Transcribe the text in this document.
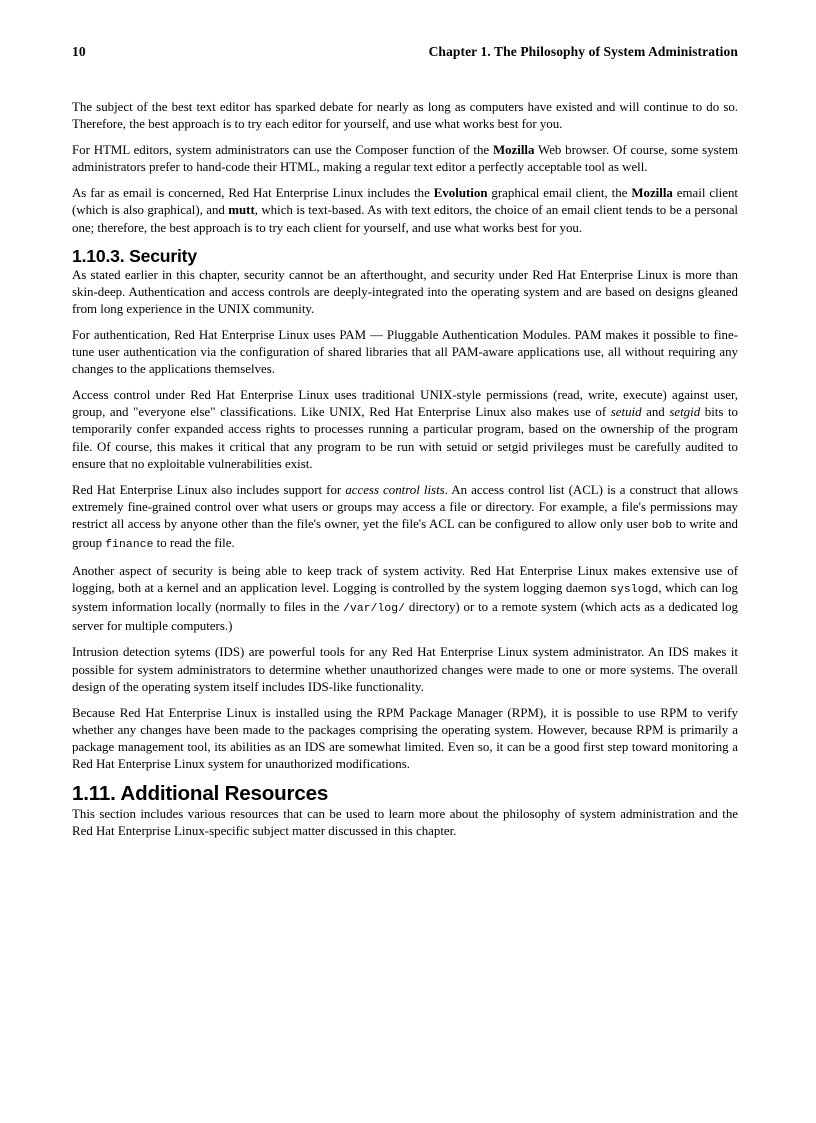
10	Chapter 1. The Philosophy of System Administration

The subject of the best text editor has sparked debate for nearly as long as computers have existed and will continue to do so. Therefore, the best approach is to try each editor for yourself, and use what works best for you.

For HTML editors, system administrators can use the Composer function of the Mozilla Web browser. Of course, some system administrators prefer to hand-code their HTML, making a regular text editor a perfectly acceptable tool as well.

As far as email is concerned, Red Hat Enterprise Linux includes the Evolution graphical email client, the Mozilla email client (which is also graphical), and mutt, which is text-based. As with text editors, the choice of an email client tends to be a personal one; therefore, the best approach is to try each client for yourself, and use what works best for you.

1.10.3. Security

As stated earlier in this chapter, security cannot be an afterthought, and security under Red Hat Enterprise Linux is more than skin-deep. Authentication and access controls are deeply-integrated into the operating system and are based on designs gleaned from long experience in the UNIX community.

For authentication, Red Hat Enterprise Linux uses PAM — Pluggable Authentication Modules. PAM makes it possible to fine-tune user authentication via the configuration of shared libraries that all PAM-aware applications use, all without requiring any changes to the applications themselves.

Access control under Red Hat Enterprise Linux uses traditional UNIX-style permissions (read, write, execute) against user, group, and "everyone else" classifications. Like UNIX, Red Hat Enterprise Linux also makes use of setuid and setgid bits to temporarily confer expanded access rights to processes running a particular program, based on the ownership of the program file. Of course, this makes it critical that any program to be run with setuid or setgid privileges must be carefully audited to ensure that no exploitable vulnerabilities exist.

Red Hat Enterprise Linux also includes support for access control lists. An access control list (ACL) is a construct that allows extremely fine-grained control over what users or groups may access a file or directory. For example, a file's permissions may restrict all access by anyone other than the file's owner, yet the file's ACL can be configured to allow only user bob to write and group finance to read the file.

Another aspect of security is being able to keep track of system activity. Red Hat Enterprise Linux makes extensive use of logging, both at a kernel and an application level. Logging is controlled by the system logging daemon syslogd, which can log system information locally (normally to files in the /var/log/ directory) or to a remote system (which acts as a dedicated log server for multiple computers.)

Intrusion detection sytems (IDS) are powerful tools for any Red Hat Enterprise Linux system administrator. An IDS makes it possible for system administrators to determine whether unauthorized changes were made to one or more systems. The overall design of the operating system itself includes IDS-like functionality.

Because Red Hat Enterprise Linux is installed using the RPM Package Manager (RPM), it is possible to use RPM to verify whether any changes have been made to the packages comprising the operating system. However, because RPM is primarily a package management tool, its abilities as an IDS are somewhat limited. Even so, it can be a good first step toward monitoring a Red Hat Enterprise Linux system for unauthorized modifications.

1.11. Additional Resources

This section includes various resources that can be used to learn more about the philosophy of system administration and the Red Hat Enterprise Linux-specific subject matter discussed in this chapter.
